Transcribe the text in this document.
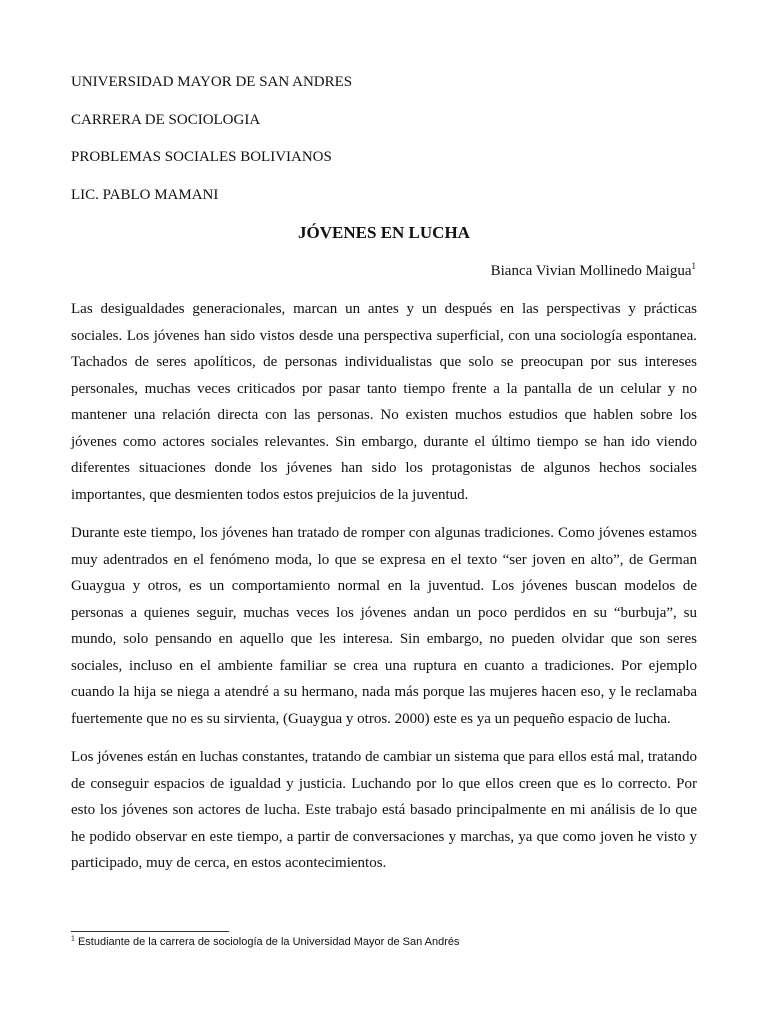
UNIVERSIDAD MAYOR DE SAN ANDRES
CARRERA DE SOCIOLOGIA
PROBLEMAS SOCIALES BOLIVIANOS
LIC. PABLO MAMANI
JÓVENES EN LUCHA
Bianca Vivian Mollinedo Maigua$^1$

Las desigualdades generacionales, marcan un antes y un después en las perspectivas y prácticas sociales. Los jóvenes han sido vistos desde una perspectiva superficial, con una sociología espontanea. Tachados de seres apolíticos, de personas individualistas que solo se preocupan por sus intereses personales, muchas veces criticados por pasar tanto tiempo frente a la pantalla de un celular y no mantener una relación directa con las personas. No existen muchos estudios que hablen sobre los jóvenes como actores sociales relevantes. Sin embargo, durante el último tiempo se han ido viendo diferentes situaciones donde los jóvenes han sido los protagonistas de algunos hechos sociales importantes, que desmienten todos estos prejuicios de la juventud.

Durante este tiempo, los jóvenes han tratado de romper con algunas tradiciones. Como jóvenes estamos muy adentrados en el fenómeno moda, lo que se expresa en el texto “ser joven en alto”, de German Guaygua y otros, es un comportamiento normal en la juventud. Los jóvenes buscan modelos de personas a quienes seguir, muchas veces los jóvenes andan un poco perdidos en su “burbuja”, su mundo, solo pensando en aquello que les interesa. Sin embargo, no pueden olvidar que son seres sociales, incluso en el ambiente familiar se crea una ruptura en cuanto a tradiciones. Por ejemplo cuando la hija se niega a atendré a su hermano, nada más porque las mujeres hacen eso, y le reclamaba fuertemente que no es su sirvienta, (Guaygua y otros. 2000) este es ya un pequeño espacio de lucha.

Los jóvenes están en luchas constantes, tratando de cambiar un sistema que para ellos está mal, tratando de conseguir espacios de igualdad y justicia. Luchando por lo que ellos creen que es lo correcto. Por esto los jóvenes son actores de lucha. Este trabajo está basado principalmente en mi análisis de lo que he podido observar en este tiempo, a partir de conversaciones y marchas, ya que como joven he visto y participado, muy de cerca, en estos acontecimientos.

$^1$ Estudiante de la carrera de sociología de la Universidad Mayor de San Andrés
